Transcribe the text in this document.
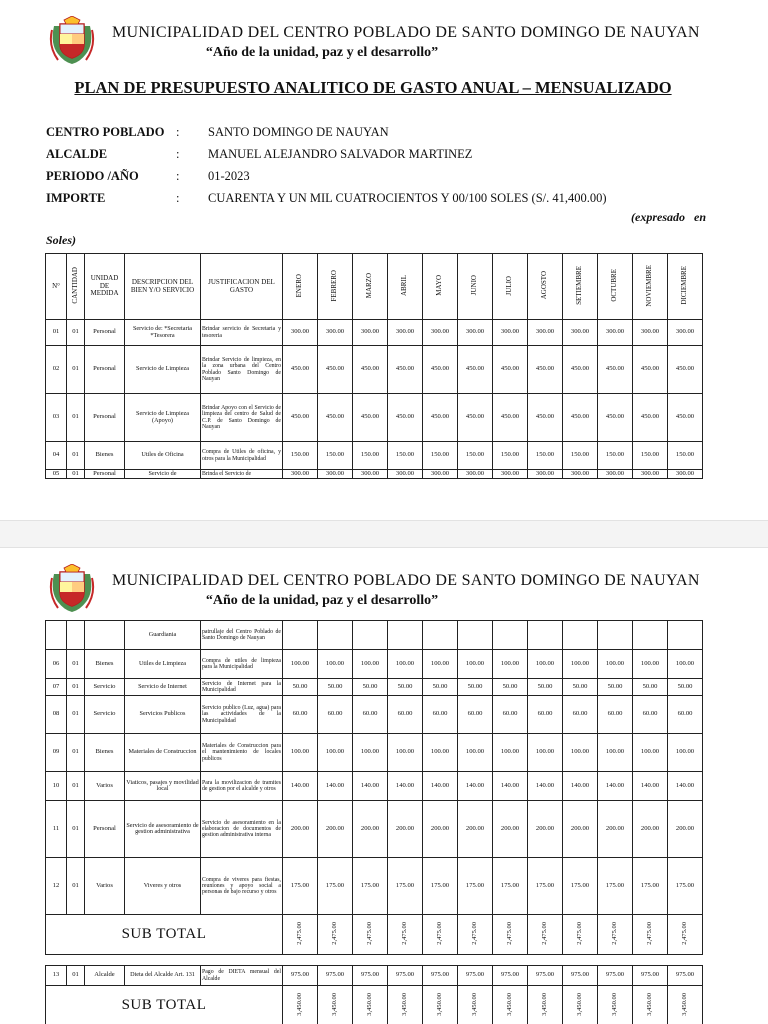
MUNICIPALIDAD DEL CENTRO POBLADO DE SANTO DOMINGO DE NAUYAN
“Año de la unidad, paz y el desarrollo”
PLAN DE PRESUPUESTO ANALITICO DE GASTO ANUAL – MENSUALIZADO
CENTRO POBLADO :	SANTO DOMINGO DE NAUYAN
ALCALDE	:	MANUEL ALEJANDRO SALVADOR MARTINEZ
PERIODO /AÑO	:	01-2023
IMPORTE	:	CUARENTA Y UN MIL CUATROCIENTOS Y 00/100 SOLES (S/. 41,400.00)
(expresado en
Soles)
N°	CANTIDAD	UNIDAD DE MEDIDA	DESCRIPCION DEL BIEN Y/O SERVICIO	JUSTIFICACION DEL GASTO	ENERO	FEBRERO	MARZO	ABRIL	MAYO	JUNIO	JULIO	AGOSTO	SETIEMBRE	OCTUBRE	NOVIEMBRE	DICIEMBRE
01	01	Personal	Servicio de: *Secretaria *Tesorera	Brindar servicio de Secretaria y tesoreria	300.00	300.00	300.00	300.00	300.00	300.00	300.00	300.00	300.00	300.00	300.00	300.00
02	01	Personal	Servicio de Limpieza	Brindar Servicio de limpieza, en la zona urbana del Centro Poblado Santo Domingo de Nauyan	450.00	450.00	450.00	450.00	450.00	450.00	450.00	450.00	450.00	450.00	450.00	450.00
03	01	Personal	Servicio de Limpieza (Apoyo)	Brindar Apoyo con el Servicio de limpieza del centro de Salud de C.P. de Santo Domingo de Nauyan	450.00	450.00	450.00	450.00	450.00	450.00	450.00	450.00	450.00	450.00	450.00	450.00
04	01	Bienes	Utiles de Oficina	Compra de Utiles de oficina, y otros para la Municipalidad	150.00	150.00	150.00	150.00	150.00	150.00	150.00	150.00	150.00	150.00	150.00	150.00
05	01	Personal	Servicio de	Brinda el Servicio de	300.00	300.00	300.00	300.00	300.00	300.00	300.00	300.00	300.00	300.00	300.00	300.00
MUNICIPALIDAD DEL CENTRO POBLADO DE SANTO DOMINGO DE NAUYAN
“Año de la unidad, paz y el desarrollo”
			Guardiania	patrullaje del Centro Poblado de Santo Domingo de Nauyan												
06	01	Bienes	Utiles de Limpieza	Compra de utiles de limpieza para la Municipalidad	100.00	100.00	100.00	100.00	100.00	100.00	100.00	100.00	100.00	100.00	100.00	100.00
07	01	Servicio	Servicio de Internet	Servicio de Internet para la Municipalidad	50.00	50.00	50.00	50.00	50.00	50.00	50.00	50.00	50.00	50.00	50.00	50.00
08	01	Servicio	Servicios Publicos	Servicio publico (Luz, agua) para las actividades de la Municipalidad	60.00	60.00	60.00	60.00	60.00	60.00	60.00	60.00	60.00	60.00	60.00	60.00
09	01	Bienes	Materiales de Construccion	Materiales de Construccion para el mantenimiento de locales publicos	100.00	100.00	100.00	100.00	100.00	100.00	100.00	100.00	100.00	100.00	100.00	100.00
10	01	Varios	Viaticos, pasajes y movilidad local	Para la movilizacion de tramites de gestion por el alcalde y otros	140.00	140.00	140.00	140.00	140.00	140.00	140.00	140.00	140.00	140.00	140.00	140.00
11	01	Personal	Servicio de asesoramiento de gestion administrativa	Servicio de asesoramiento en la elaboracion de documentos de gestion administrativa interna	200.00	200.00	200.00	200.00	200.00	200.00	200.00	200.00	200.00	200.00	200.00	200.00
12	01	Varios	Viveres y otros	Compra de viveres para fiestas, reuniones y apoyo social a personas de bajo recurso y otros	175.00	175.00	175.00	175.00	175.00	175.00	175.00	175.00	175.00	175.00	175.00	175.00
SUB TOTAL					2,475.00	2,475.00	2,475.00	2,475.00	2,475.00	2,475.00	2,475.00	2,475.00	2,475.00	2,475.00	2,475.00	2,475.00
13	01	Alcalde	Dieta del Alcalde Art. 131	Pago de DIETA mensual del Alcalde	975.00	975.00	975.00	975.00	975.00	975.00	975.00	975.00	975.00	975.00	975.00	975.00
SUB TOTAL					3,450.00	3,450.00	3,450.00	3,450.00	3,450.00	3,450.00	3,450.00	3,450.00	3,450.00	3,450.00	3,450.00	3,450.00
